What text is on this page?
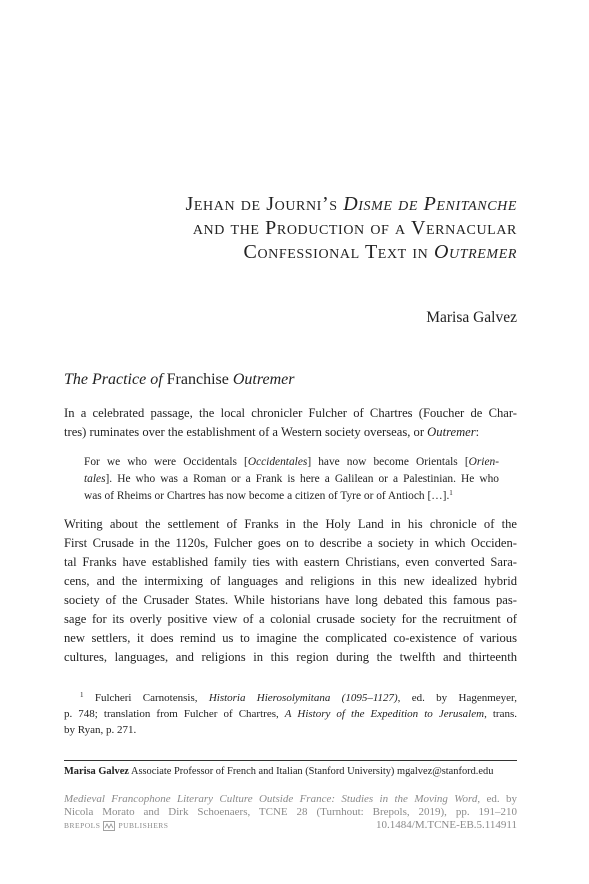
Jehan de Journi’s Disme de Penitanche
and the Production of a Vernacular
Confessional Text in Outremer
Marisa Galvez
The Practice of Franchise Outremer
In a celebrated passage, the local chronicler Fulcher of Chartres (Foucher de Char-
tres) ruminates over the establishment of a Western society overseas, or Outremer:
For we who were Occidentals [Occidentales] have now become Orientals [Orien-
tales]. He who was a Roman or a Frank is here a Galilean or a Palestinian. He who
was of Rheims or Chartres has now become a citizen of Tyre or of Antioch […].$^1$
Writing about the settlement of Franks in the Holy Land in his chronicle of the
First Crusade in the 1120s, Fulcher goes on to describe a society in which Occiden-
tal Franks have established family ties with eastern Christians, even converted Sara-
cens, and the intermixing of languages and religions in this new idealized hybrid
society of the Crusader States. While historians have long debated this famous pas-
sage for its overly positive view of a colonial crusade society for the recruitment of
new settlers, it does remind us to imagine the complicated co-existence of various
cultures, languages, and religions in this region during the twelfth and thirteenth
$^1$ Fulcheri Carnotensis, Historia Hierosolymitana (1095–1127), ed. by Hagenmeyer,
p. 748; translation from Fulcher of Chartres, A History of the Expedition to Jerusalem, trans.
by Ryan, p. 271.
Marisa Galvez Associate Professor of French and Italian (Stanford University) mgalvez@stanford.edu
Medieval Francophone Literary Culture Outside France: Studies in the Moving Word, ed. by
Nicola Morato and Dirk Schoenaers, TCNE 28 (Turnhout: Brepols, 2019), pp. 191–210
BREPOLS PUBLISHERS	10.1484/M.TCNE-EB.5.114911
